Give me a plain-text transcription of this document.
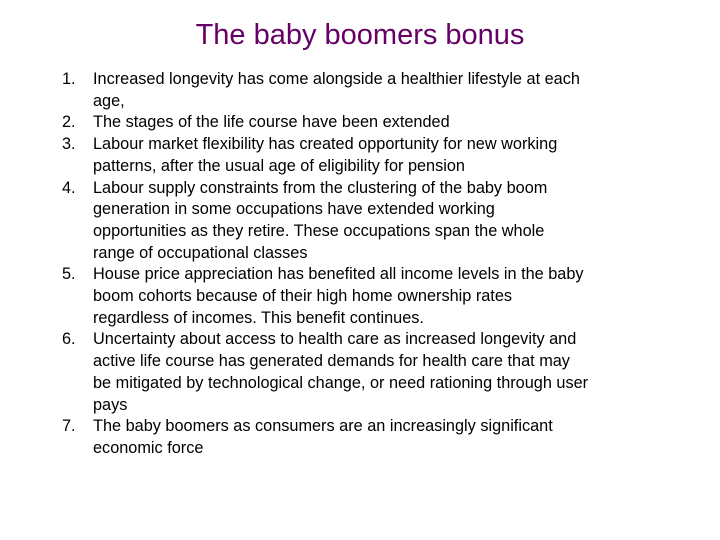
The baby boomers bonus
1.	Increased longevity has come alongside a healthier lifestyle at each
age,
2.	The stages of the life course have been extended
3.	Labour market flexibility has created opportunity for new working
patterns, after the usual age of eligibility for pension
4.	Labour supply constraints from the clustering of the baby boom
generation in some occupations have extended working
opportunities as they retire. These occupations span the whole
range of occupational classes
5.	House price appreciation has benefited all income levels in the baby
boom cohorts because of their high home ownership rates
regardless of incomes. This benefit continues.
6.	Uncertainty about access to health care as increased longevity and
active life course has generated demands for health care that may
be mitigated by technological change, or need rationing through user
pays
7.	The baby boomers as consumers are an increasingly significant
economic force
